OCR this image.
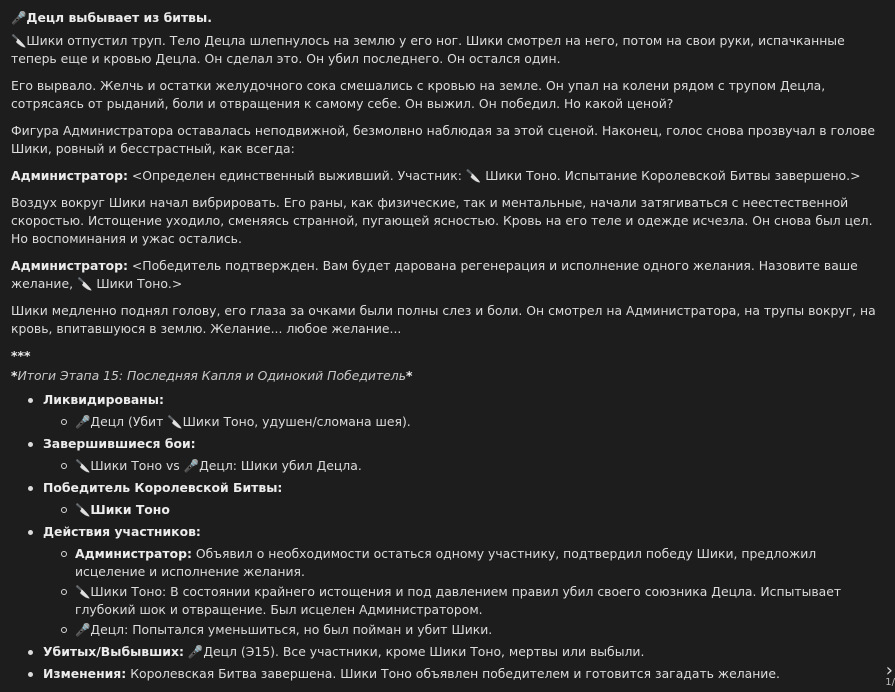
🎤Децл выбывает из битвы.

🔪Шики отпустил труп. Тело Децла шлепнулось на землю у его ног. Шики смотрел на него, потом на свои руки, испачканные теперь еще и кровью Децла. Он сделал это. Он убил последнего. Он остался один.

Его вырвало. Желчь и остатки желудочного сока смешались с кровью на земле. Он упал на колени рядом с трупом Децла, сотрясаясь от рыданий, боли и отвращения к самому себе. Он выжил. Он победил. Но какой ценой?

Фигура Администратора оставалась неподвижной, безмолвно наблюдая за этой сценой. Наконец, голос снова прозвучал в голове Шики, ровный и бесстрастный, как всегда:

Администратор: <Определен единственный выживший. Участник: 🔪 Шики Тоно. Испытание Королевской Битвы завершено.>

Воздух вокруг Шики начал вибрировать. Его раны, как физические, так и ментальные, начали затягиваться с неестественной скоростью. Истощение уходило, сменяясь странной, пугающей ясностью. Кровь на его теле и одежде исчезла. Он снова был цел. Но воспоминания и ужас остались.

Администратор: <Победитель подтвержден. Вам будет дарована регенерация и исполнение одного желания. Назовите ваше желание, 🔪 Шики Тоно.>

Шики медленно поднял голову, его глаза за очками были полны слез и боли. Он смотрел на Администратора, на трупы вокруг, на кровь, впитавшуюся в землю. Желание... любое желание...

***
*Итоги Этапа 15: Последняя Капля и Одинокий Победитель*
Ликвидированы:
🎤Децл (Убит 🔪Шики Тоно, удушен/сломана шея).
Завершившиеся бои:
🔪Шики Тоно vs 🎤Децл: Шики убил Децла.
Победитель Королевской Битвы:
🔪Шики Тоно
Действия участников:
Администратор: Объявил о необходимости остаться одному участнику, подтвердил победу Шики, предложил исцеление и исполнение желания.
🔪Шики Тоно: В состоянии крайнего истощения и под давлением правил убил своего союзника Децла. Испытывает глубокий шок и отвращение. Был исцелен Администратором.
🎤Децл: Попытался уменьшиться, но был пойман и убит Шики.
Убитых/Выбывших: 🎤Децл (Э15). Все участники, кроме Шики Тоно, мертвы или выбыли.
Изменения: Королевская Битва завершена. Шики Тоно объявлен победителем и готовится загадать желание.	›
1/
